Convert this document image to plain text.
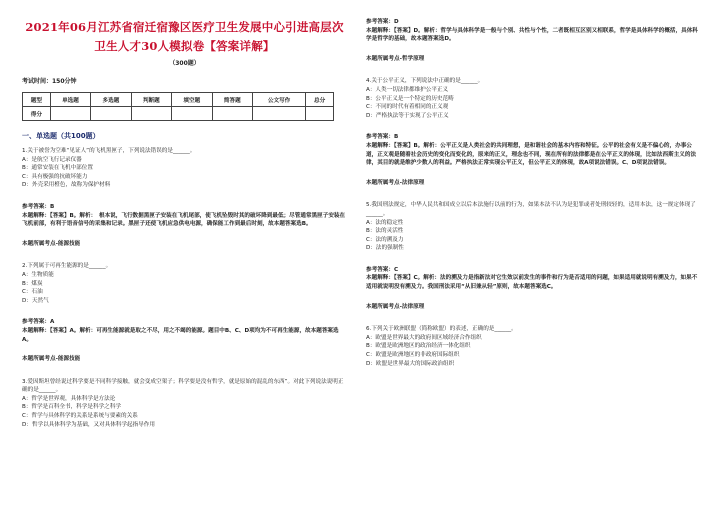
2021年06月江苏省宿迁宿豫区医疗卫生发展中心引进高层次
卫生人才30人模拟卷【答案详解】
（300题）
考试时间：150分钟
题型	单选题	多选题	判断题	填空题	简答题	公文写作	总分
得分							
一、单选题（共100题）
1.关于被誉为空难“见证人”的飞机黑匣子，下列说法错误的是______。
A：是航空飞行记录仪器
B：通常安装在飞机中部位置
C：具有极强的抗破坏能力
D：外壳采用橙色，故称为保护材料
参考答案：B
本题解释：【答案】B。解析：　根本说，飞行数据黑匣子安装在飞机尾部，使飞机坠毁时其的破坏降到最低；尽管通常黑匣子安装在飞机前部，有利于语音信号的采集和记录。黑匣子还使飞机应急供电电源，确保能工作到最后时刻，故本题答案选B。
本题所属考点-能源技能
2.下列属于可再生能源的是______。
A：生物质能
B：煤炭
C：石油
D：天然气
参考答案：A
本题解释：【答案】A。解析：可再生能源就是取之不尽，用之不竭的能源。题目中B、C、D项均为不可再生能源，故本题答案选A。
本题所属考点-能源技能
3.爱因斯坦曾经说过科学要是不同科学接触，就会变成空架子；科学要是没有哲学，就是原始的混乱的东西”。对此下列说法说明正确的是______。
A：哲学是世界观，具体科学是方法论
B：哲学是百科全书，科学是科学之科学
C：哲学与具体科学的关系是系统与要素的关系
D：哲学以具体科学为基础，又对具体科学起指导作用
参考答案：D
本题解释：【答案】D。解析：哲学与具体科学是一般与个别、共性与个性，二者既相互区别又相联系，哲学是具体科学的概括，具体科学是哲学的基础，故本题答案选D。
本题所属考点-哲学原理
4.关于公平正义，下列说法中正确的是______。
A：人类一切法律都维护公平正义
B：公平正义是一个特定的历史范畴
C：不同的时代有着相同的正义观
D：严格执法等于实现了公平正义
参考答案：B
本题解释：【答案】B。解析：公平正义是人类社会的共同理想，是和谐社会的基本内容和特征。公平的社会有义是不偏心的，办事公道，正义观是随着社会历史的变化而变化的，原来的正义，理念也不同，现在所有的法律都是在公平正义的体现，比如法西斯主义的法律，其目的就是维护少数人的利益。严格执法正常实现公平正义，但公平正义的体现，故A项说法错误。C、D项说法错误。
本题所属考点-法律原理
5.我国刑法规定，中华人民共和国成立以后本法施行以前的行为，如果本法不认为是犯罪或者处刑较轻的，适用本法，这一规定体现了______。
A：法的稳定性
B：法的灵活性
C：法的溯及力
D：法的强制性
参考答案：C
本题解释：【答案】C。解析：法的溯及力是指新法对它生效以前发生的事件和行为是否适用的问题，如果适用就说明有溯及力，如果不适用就说明没有溯及力。我国刑法采用“从旧兼从轻”原则，故本题答案选C。
本题所属考点-法律原理
6.下列关于欧洲联盟（简称欧盟）的表述，正确的是______。
A：欧盟是世界最大的政府间区域经济合作组织
B：欧盟是欧洲地区的政治经济一体化组织
C：欧盟是欧洲地区的非政府国际组织
D：欧盟是世界最大的国际政治组织
